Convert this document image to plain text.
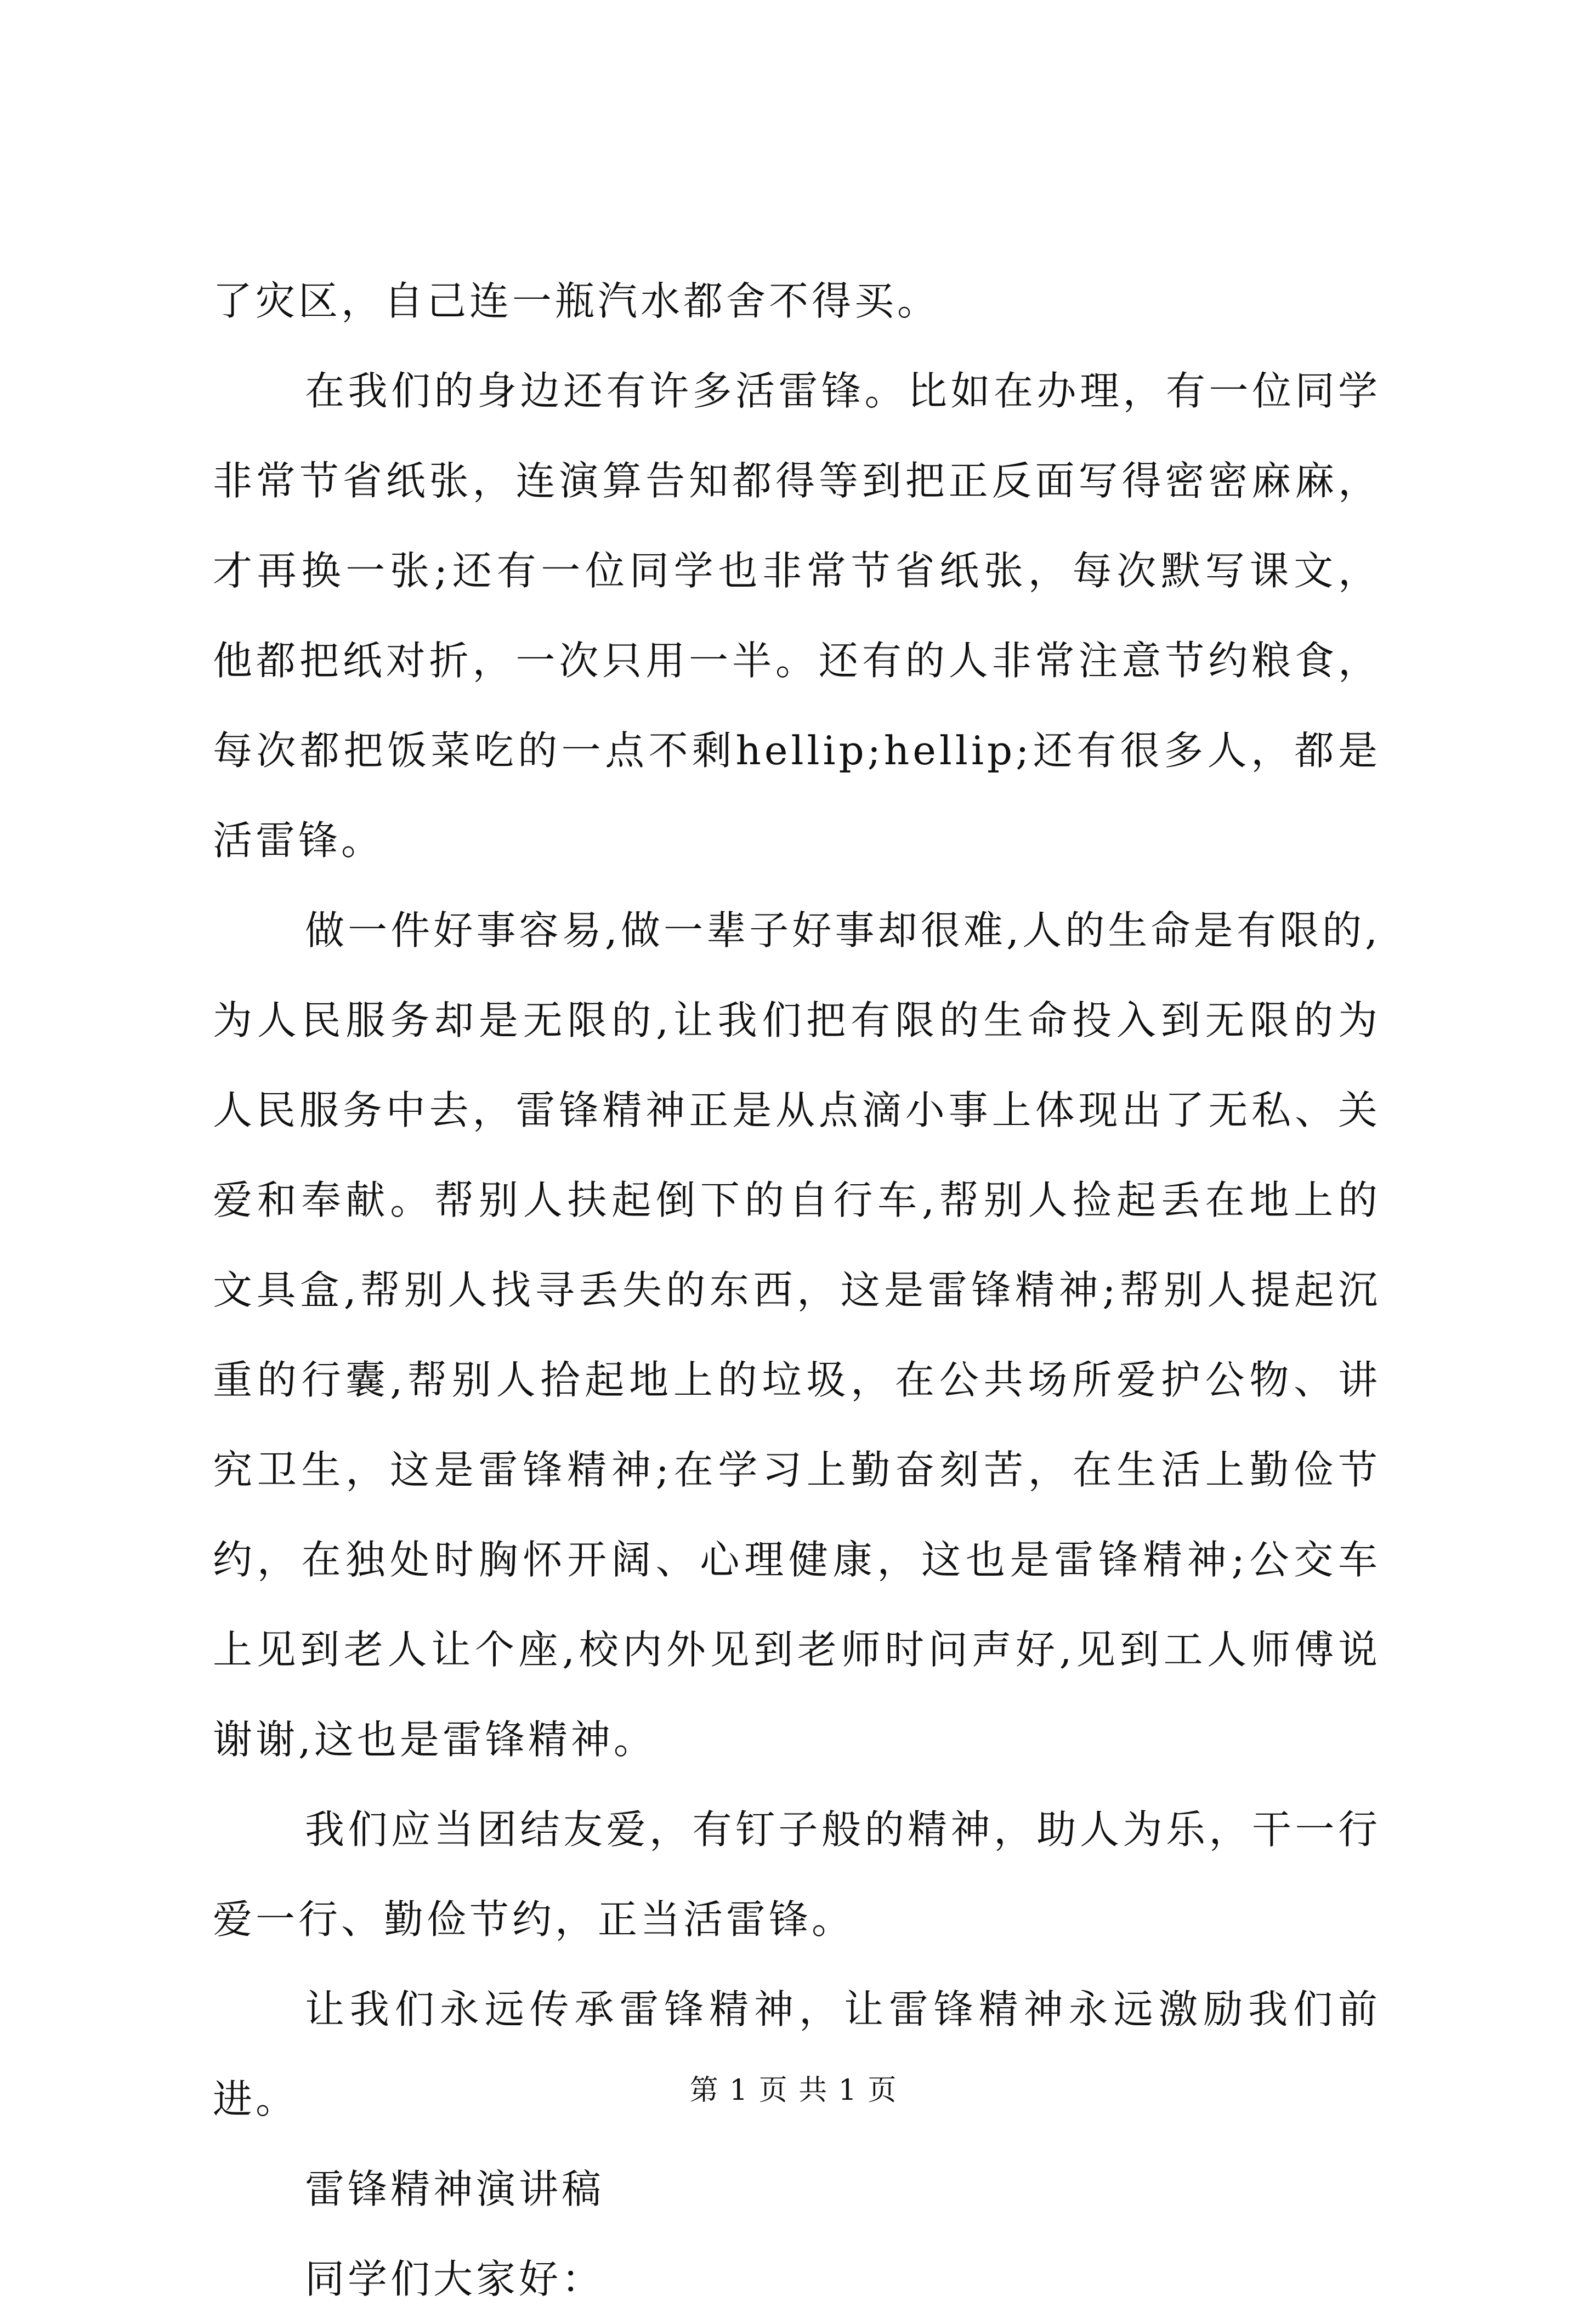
了灾区，自己连一瓶汽水都舍不得买。

在我们的身边还有许多活雷锋。比如在办理，有一位同学非常节省纸张，连演算告知都得等到把正反面写得密密麻麻，才再换一张;还有一位同学也非常节省纸张，每次默写课文，他都把纸对折，一次只用一半。还有的人非常注意节约粮食，每次都把饭菜吃的一点不剩hellip;hellip;还有很多人，都是活雷锋。

做一件好事容易,做一辈子好事却很难,人的生命是有限的,为人民服务却是无限的,让我们把有限的生命投入到无限的为人民服务中去，雷锋精神正是从点滴小事上体现出了无私、关爱和奉献。帮别人扶起倒下的自行车,帮别人捡起丢在地上的文具盒,帮别人找寻丢失的东西，这是雷锋精神;帮别人提起沉重的行囊,帮别人拾起地上的垃圾，在公共场所爱护公物、讲究卫生，这是雷锋精神;在学习上勤奋刻苦，在生活上勤俭节约，在独处时胸怀开阔、心理健康，这也是雷锋精神;公交车上见到老人让个座,校内外见到老师时问声好,见到工人师傅说谢谢,这也是雷锋精神。

我们应当团结友爱，有钉子般的精神，助人为乐，干一行爱一行、勤俭节约，正当活雷锋。

让我们永远传承雷锋精神，让雷锋精神永远激励我们前进。

雷锋精神演讲稿

同学们大家好：

第 1 页 共 1 页
